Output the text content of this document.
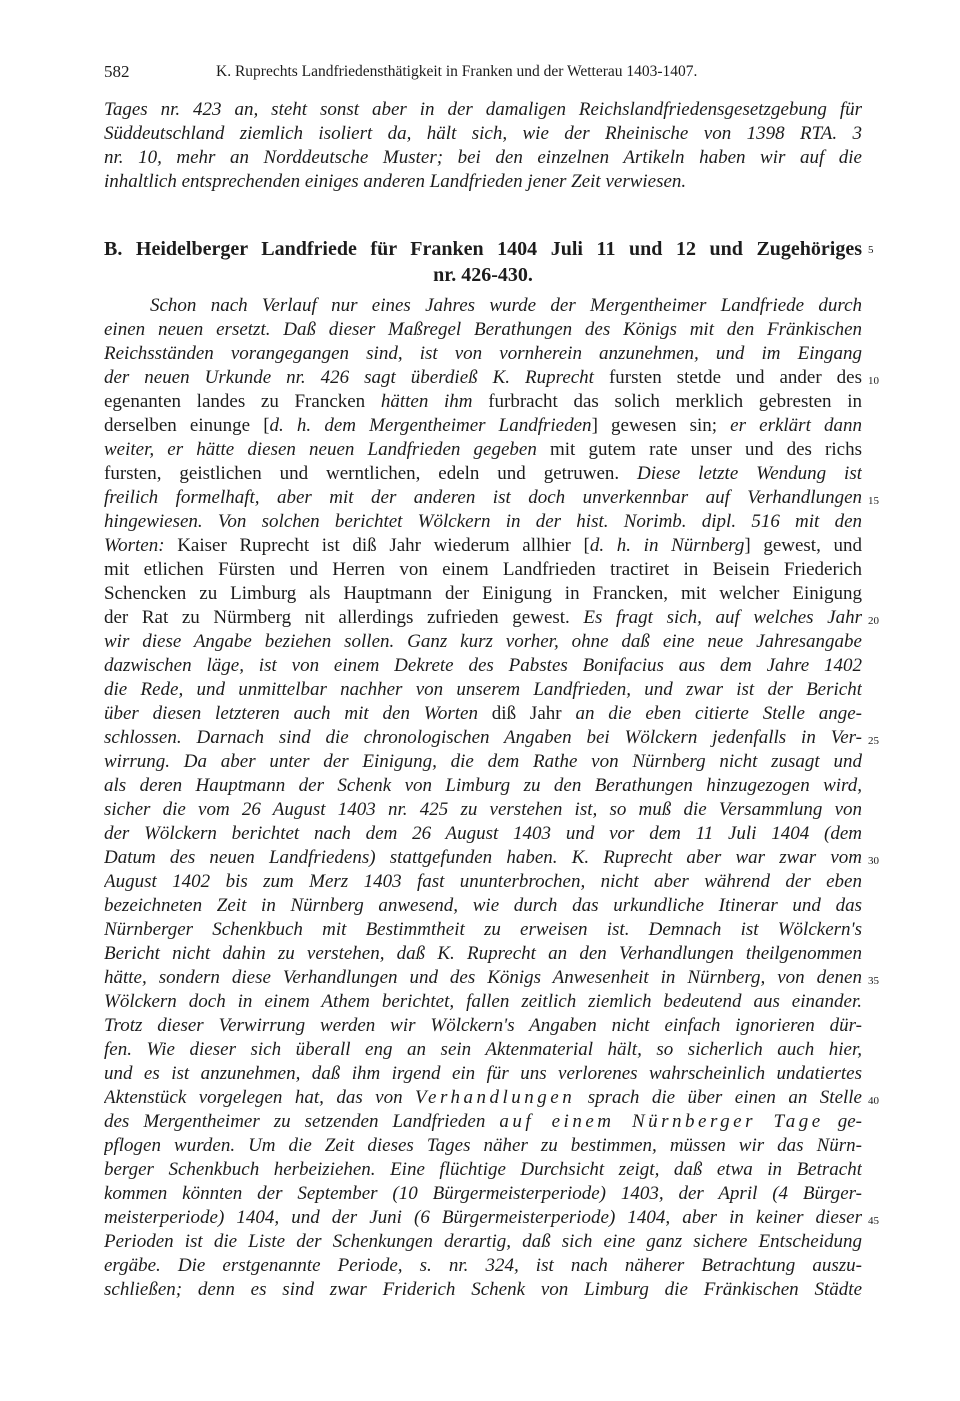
582	K. Ruprechts Landfriedensthätigkeit in Franken und der Wetterau 1403-1407.
Tages nr. 423 an, steht sonst aber in der damaligen Reichslandfriedensgesetzgebung für
Süddeutschland ziemlich isoliert da, hält sich, wie der Rheinische von 1398 RTA. 3
nr. 10, mehr an Norddeutsche Muster; bei den einzelnen Artikeln haben wir auf die
inhaltlich entsprechenden einiges anderen Landfrieden jener Zeit verwiesen.
B. Heidelberger Landfriede für Franken 1404 Juli 11 und 12 und Zugehöriges
nr. 426-430.
Schon nach Verlauf nur eines Jahres wurde der Mergentheimer Landfriede durch
einen neuen ersetzt. Daß dieser Maßregel Berathungen des Königs mit den Fränkischen
Reichsständen vorangegangen sind, ist von vornherein anzunehmen, und im Eingang
der neuen Urkunde nr. 426 sagt überdieß K. Ruprecht fursten stetde und ander des
egenanten landes zu Francken hätten ihm furbracht das solich merklich gebresten in
derselben einunge [d. h. dem Mergentheimer Landfrieden] gewesen sin; er erklärt dann
weiter, er hätte diesen neuen Landfrieden gegeben mit gutem rate unser und des richs
fursten, geistlichen und werntlichen, edeln und getruwen. Diese letzte Wendung ist
freilich formelhaft, aber mit der anderen ist doch unverkennbar auf Verhandlungen
hingewiesen. Von solchen berichtet Wölckern in der hist. Norimb. dipl. 516 mit den
Worten: Kaiser Ruprecht ist diß Jahr wiederum allhier [d. h. in Nürnberg] gewest, und
mit etlichen Fürsten und Herren von einem Landfrieden tractiret in Beisein Friederich
Schencken zu Limburg als Hauptmann der Einigung in Francken, mit welcher Einigung
der Rat zu Nürmberg nit allerdings zufrieden gewest. Es fragt sich, auf welches Jahr
wir diese Angabe beziehen sollen. Ganz kurz vorher, ohne daß eine neue Jahresangabe
dazwischen läge, ist von einem Dekrete des Pabstes Bonifacius aus dem Jahre 1402
die Rede, und unmittelbar nachher von unserem Landfrieden, und zwar ist der Bericht
über diesen letzteren auch mit den Worten diß Jahr an die eben citierte Stelle ange-
schlossen. Darnach sind die chronologischen Angaben bei Wölckern jedenfalls in Ver-
wirrung. Da aber unter der Einigung, die dem Rathe von Nürnberg nicht zusagt und
als deren Hauptmann der Schenk von Limburg zu den Berathungen hinzugezogen wird,
sicher die vom 26 August 1403 nr. 425 zu verstehen ist, so muß die Versammlung von
der Wölckern berichtet nach dem 26 August 1403 und vor dem 11 Juli 1404 (dem
Datum des neuen Landfriedens) stattgefunden haben. K. Ruprecht aber war zwar vom
August 1402 bis zum Merz 1403 fast ununterbrochen, nicht aber während der eben
bezeichneten Zeit in Nürnberg anwesend, wie durch das urkundliche Itinerar und das
Nürnberger Schenkbuch mit Bestimmtheit zu erweisen ist. Demnach ist Wölckern's
Bericht nicht dahin zu verstehen, daß K. Ruprecht an den Verhandlungen theilgenommen
hätte, sondern diese Verhandlungen und des Königs Anwesenheit in Nürnberg, von denen
Wölckern doch in einem Athem berichtet, fallen zeitlich ziemlich bedeutend aus einander.
Trotz dieser Verwirrung werden wir Wölckern's Angaben nicht einfach ignorieren dür-
fen. Wie dieser sich überall eng an sein Aktenmaterial hält, so sicherlich auch hier,
und es ist anzunehmen, daß ihm irgend ein für uns verlorenes wahrscheinlich undatiertes
Aktenstück vorgelegen hat, das von Verhandlungen sprach die über einen an Stelle
des Mergentheimer zu setzenden Landfrieden auf einem Nürnberger Tage ge-
pflogen wurden. Um die Zeit dieses Tages näher zu bestimmen, müssen wir das Nürn-
berger Schenkbuch herbeiziehen. Eine flüchtige Durchsicht zeigt, daß etwa in Betracht
kommen könnten der September (10 Bürgermeisterperiode) 1403, der April (4 Bürger-
meisterperiode) 1404, und der Juni (6 Bürgermeisterperiode) 1404, aber in keiner dieser
Perioden ist die Liste der Schenkungen derartig, daß sich eine ganz sichere Entscheidung
ergäbe. Die erstgenannte Periode, s. nr. 324, ist nach näherer Betrachtung auszu-
schließen; denn es sind zwar Friderich Schenk von Limburg die Fränkischen Städte
5
10
15
20
25
30
35
40
45
